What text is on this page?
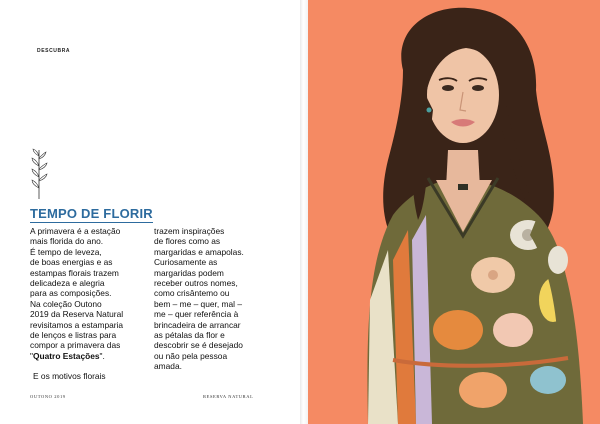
DESCUBRA
TEMPO DE FLORIR

A primavera é a estação

mais florida do ano.

É tempo de leveza,

de boas energias e as

estampas florais trazem

delicadeza e alegria

para as composições.

Na coleção Outono

2019 da Reserva Natural

revisitamos a estamparia

de lenços e listras para

compor a primavera das

"Quatro Estações".

E os motivos florais

trazem inspirações

de flores como as

margaridas e amapolas.

Curiosamente as

margaridas podem

receber outros nomes,

como crisântemo ou

bem – me – quer, mal –

me – quer referência à

brincadeira de arrancar

as pétalas da flor e

descobrir se é desejado

ou não pela pessoa

amada.

OUTONO 2019	RESERVA NATURAL
